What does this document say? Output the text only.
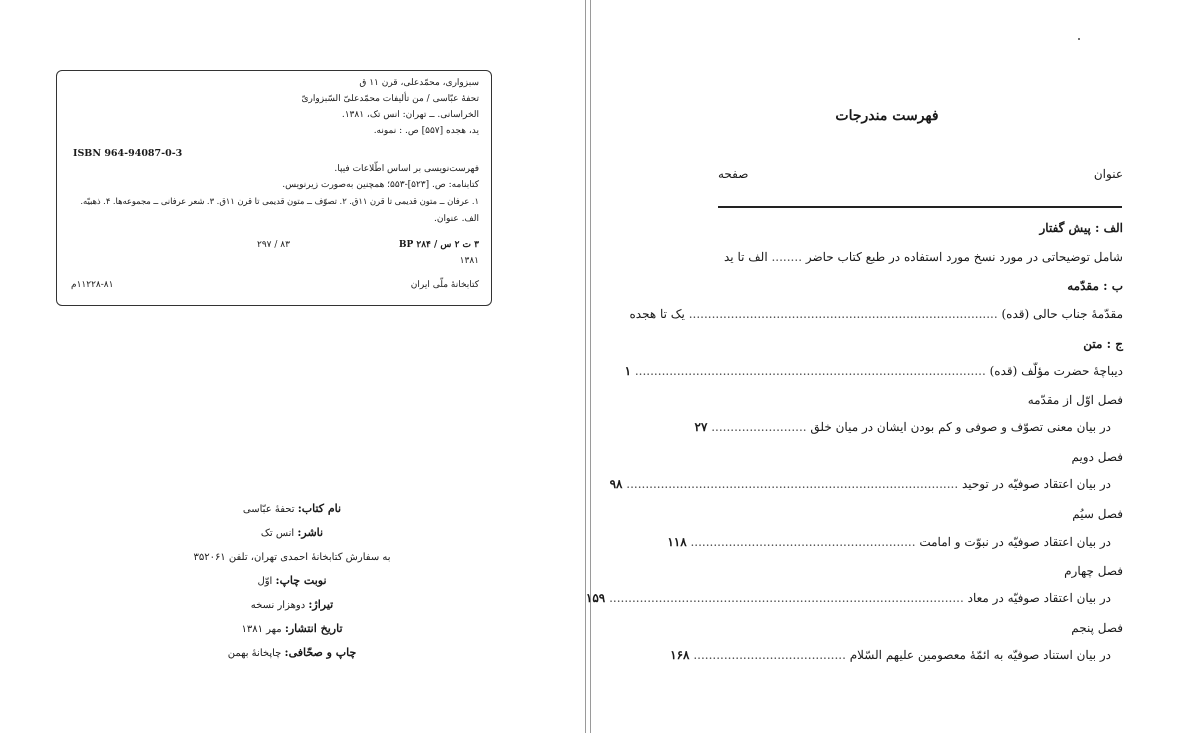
سبزواری، محمّدعلی، قرن ۱۱ ق
تحفهٔ عبّاسی / من تألیفات محمّدعلیّ السّبزواریّ
الخراسانی. ــ تهران: انس تک، ۱۳۸۱.
ید، هجده [۵۵۷] ص. : نمونه.
ISBN 964-94087-0-3
فهرست‌نویسی بر اساس اطّلاعات فیپا.
کتابنامه: ص. [۵۲۳]-۵۵۳؛ همچنین به‌صورت زیرنویس.
۱. عرفان ــ متون قدیمی تا قرن ۱۱ق. ۲. تصوّف ــ متون قدیمی تا قرن ۱۱ق. ۳. شعر عرفانی ــ مجموعه‌ها. ۴. ذهبیّه.
الف. عنوان.
۳ ت ۲ س / BP ۲۸۴
۸۳ / ۲۹۷
۱۳۸۱
کتابخانهٔ ملّی ایران
۱۱۲۲۸-۸۱م
نام کتاب: تحفهٔ عبّاسی
ناشر: انس تک
به سفارش کتابخانهٔ احمدی تهران، تلفن ۳۵۲۰۶۱
نوبت چاپ: اوّل
تیراژ: دوهزار نسخه
تاریخ انتشار: مهر ۱۳۸۱
چاپ و صحّافی: چاپخانهٔ بهمن
فهرست مندرجات
عنوان
صفحه
الف : پیش گفتار
شامل توضیحاتی در مورد نسخ مورد استفاده در طبع کتاب حاضر ........ الف تا ید
ب : مقدّمه
مقدّمهٔ جناب حالی (قده) ................................................................................. یک تا هجده
ج : متن
دیباچهٔ حضرت مؤلّف (قده) ............................................................................................ ۱
فصل اوّل از مقدّمه
در بیان معنی تصوّف و صوفی و کم بودن ایشان در میان خلق ......................... ۲۷
فصل دویم
در بیان اعتقاد صوفیّه در توحید ....................................................................................... ۹۸
فصل سیُم
در بیان اعتقاد صوفیّه در نبوّت و امامت ........................................................... ۱۱۸
فصل چهارم
در بیان اعتقاد صوفیّه در معاد ............................................................................................. ۱۵۹
فصل پنجم
در بیان استناد صوفیّه به ائمّهٔ معصومین علیهم السّلام ........................................ ۱۶۸
